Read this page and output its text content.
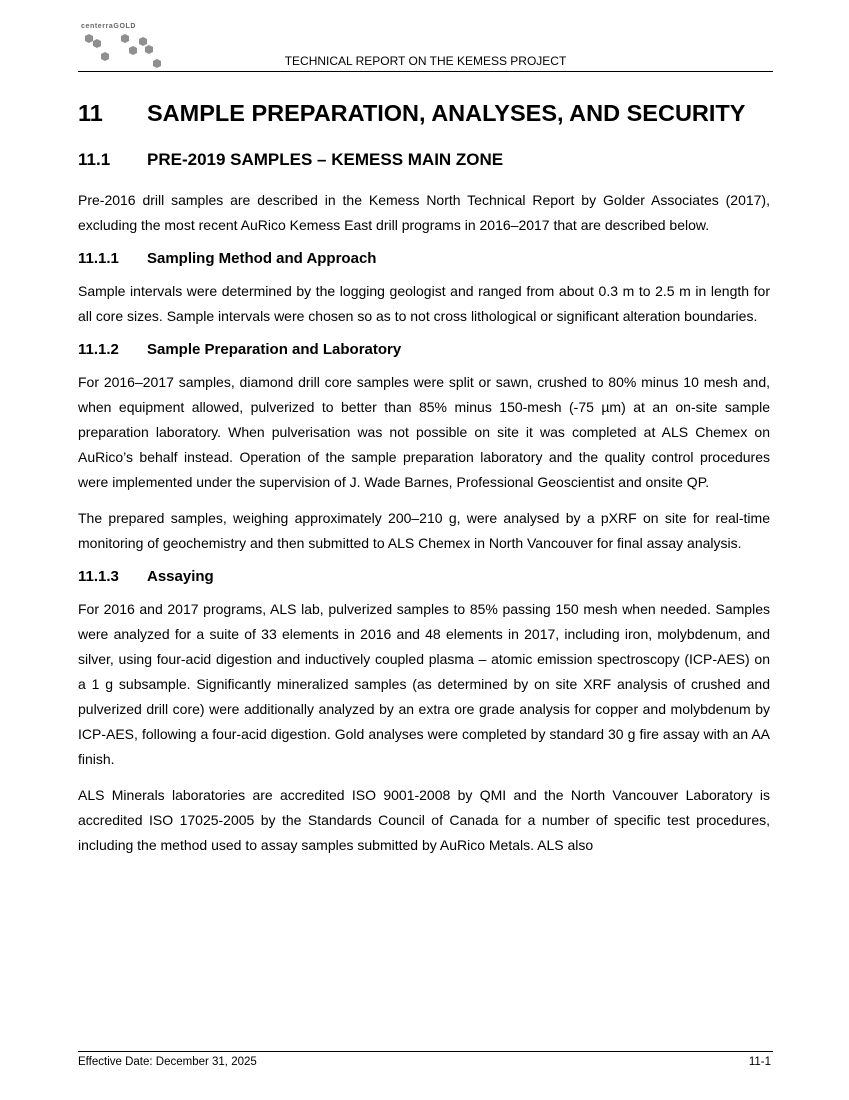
centerraGOLD
TECHNICAL REPORT ON THE KEMESS PROJECT
11	SAMPLE PREPARATION, ANALYSES, AND SECURITY
11.1	PRE-2019 SAMPLES – KEMESS MAIN ZONE

Pre-2016 drill samples are described in the Kemess North Technical Report by Golder Associates (2017), excluding the most recent AuRico Kemess East drill programs in 2016–2017 that are described below.

11.1.1	Sampling Method and Approach

Sample intervals were determined by the logging geologist and ranged from about 0.3 m to 2.5 m in length for all core sizes. Sample intervals were chosen so as to not cross lithological or significant alteration boundaries.

11.1.2	Sample Preparation and Laboratory

For 2016–2017 samples, diamond drill core samples were split or sawn, crushed to 80% minus 10 mesh and, when equipment allowed, pulverized to better than 85% minus 150-mesh (-75 µm) at an on-site sample preparation laboratory. When pulverisation was not possible on site it was completed at ALS Chemex on AuRico’s behalf instead. Operation of the sample preparation laboratory and the quality control procedures were implemented under the supervision of J. Wade Barnes, Professional Geoscientist and onsite QP.

The prepared samples, weighing approximately 200–210 g, were analysed by a pXRF on site for real-time monitoring of geochemistry and then submitted to ALS Chemex in North Vancouver for final assay analysis.

11.1.3	Assaying

For 2016 and 2017 programs, ALS lab, pulverized samples to 85% passing 150 mesh when needed. Samples were analyzed for a suite of 33 elements in 2016 and 48 elements in 2017, including iron, molybdenum, and silver, using four-acid digestion and inductively coupled plasma – atomic emission spectroscopy (ICP-AES) on a 1 g subsample. Significantly mineralized samples (as determined by on site XRF analysis of crushed and pulverized drill core) were additionally analyzed by an extra ore grade analysis for copper and molybdenum by ICP-AES, following a four-acid digestion. Gold analyses were completed by standard 30 g fire assay with an AA finish.

ALS Minerals laboratories are accredited ISO 9001-2008 by QMI and the North Vancouver Laboratory is accredited ISO 17025-2005 by the Standards Council of Canada for a number of specific test procedures, including the method used to assay samples submitted by AuRico Metals. ALS also

Effective Date: December 31, 2025	11-1
